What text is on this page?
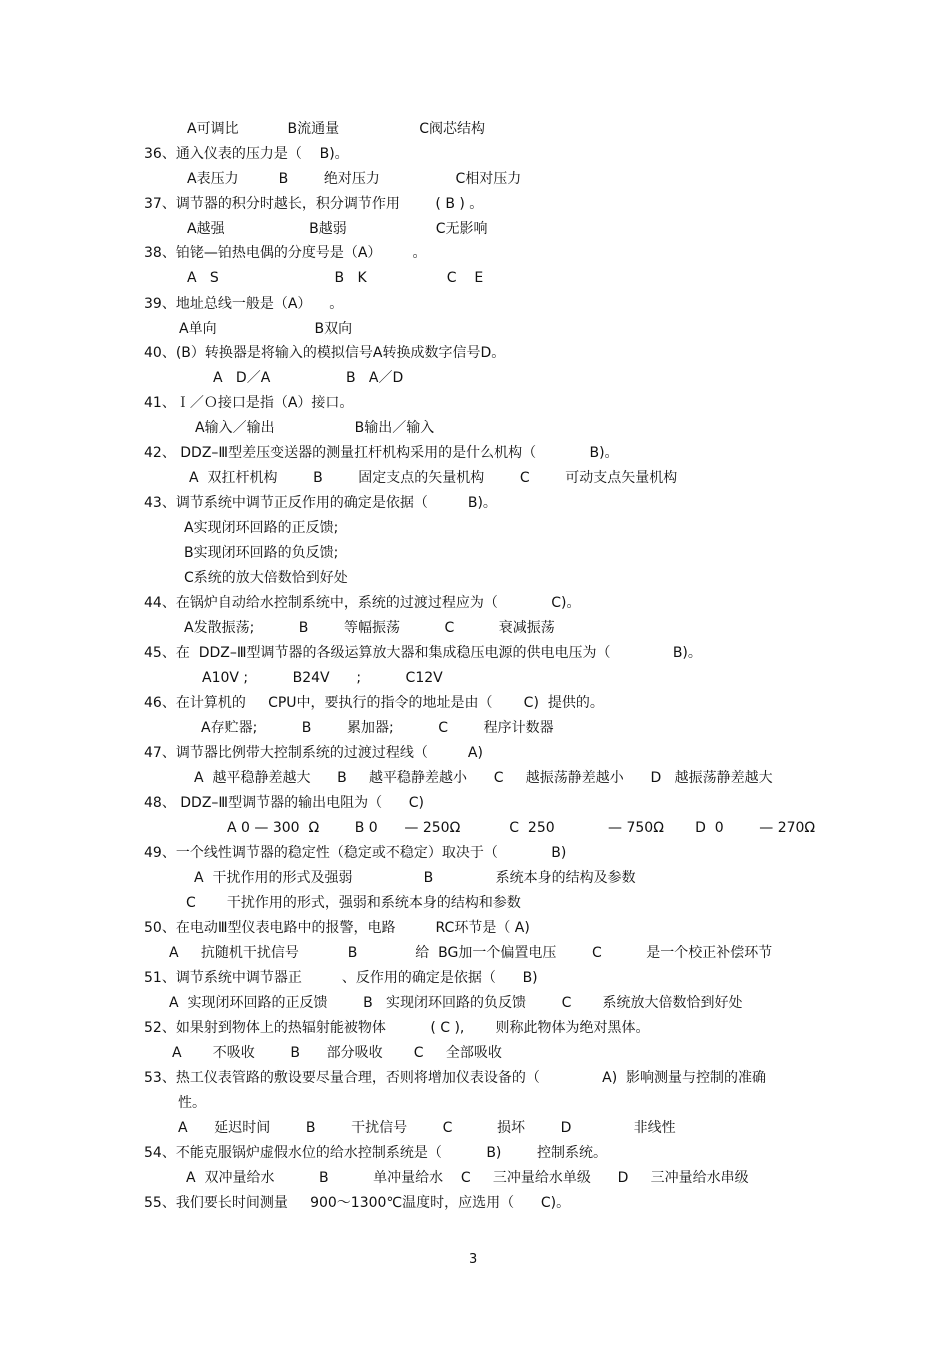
A可调比           B流通量                  C阀芯结构
36、通入仪表的压力是（    B)。
A表压力         B        绝对压力                 C相对压力
37、调节器的积分时越长，积分调节作用        ( B ) 。
A越强                   B越弱                    C无影响
38、铂铑—铂热电偶的分度号是（A）       。
A   S                          B   K                  C    E
39、地址总线一般是（A）    。
A单向                      B双向
40、(B）转换器是将输入的模拟信号A转换成数字信号D。
A   D／A                 B   A／D
41、Ｉ／Ｏ接口是指（A）接口。
A输入／输出                  B输出／输入
42、 DDZ–Ⅲ型差压变送器的测量扛杆机构采用的是什么机构（            B)。
A  双扛杆机构        B        固定支点的矢量机构        C        可动支点矢量机构
43、调节系统中调节正反作用的确定是依据（         B)。
A实现闭环回路的正反馈;
B实现闭环回路的负反馈;
C系统的放大倍数恰到好处
44、在锅炉自动给水控制系统中，系统的过渡过程应为（            C)。
A发散振荡;          B        等幅振荡          C          衰减振荡
45、在  DDZ–Ⅲ型调节器的各级运算放大器和集成稳压电源的供电电压为（              B)。
A10V ;          B24V      ;          C12V
46、在计算机的     CPU中，要执行的指令的地址是由（       C)  提供的。
A存贮器;          B        累加器;          C        程序计数器
47、调节器比例带大控制系统的过渡过程线（         A)
A  越平稳静差越大      B     越平稳静差越小      C     越振荡静差越小      D   越振荡静差越大
48、 DDZ–Ⅲ型调节器的输出电阻为（      C)
A 0 — 300  Ω        B 0      — 250Ω           C  250            — 750Ω       D  0        — 270Ω
49、一个线性调节器的稳定性（稳定或不稳定）取决于（            B)
A  干扰作用的形式及强弱                B              系统本身的结构及参数
C       干扰作用的形式，强弱和系统本身的结构和参数
50、在电动Ⅲ型仪表电路中的报警，电路         RC环节是（ A)
A     抗随机干扰信号           B             给  BG加一个偏置电压        C          是一个校正补偿环节
51、调节系统中调节器正         、反作用的确定是依据（      B)
A  实现闭环回路的正反馈        B   实现闭环回路的负反馈        C       系统放大倍数恰到好处
52、如果射到物体上的热辐射能被物体          ( C ),       则称此物体为绝对黑体。
A       不吸收        B      部分吸收       C     全部吸收
53、热工仪表管路的敷设要尽量合理，否则将增加仪表设备的（              A)  影响测量与控制的准确
性。
A      延迟时间        B        干扰信号        C          损坏        D              非线性
54、不能克服锅炉虚假水位的给水控制系统是（          B)        控制系统。
A  双冲量给水          B          单冲量给水    C     三冲量给水单级      D     三冲量给水串级
55、我们要长时间测量     900～1300℃温度时，应选用（      C)。
3
